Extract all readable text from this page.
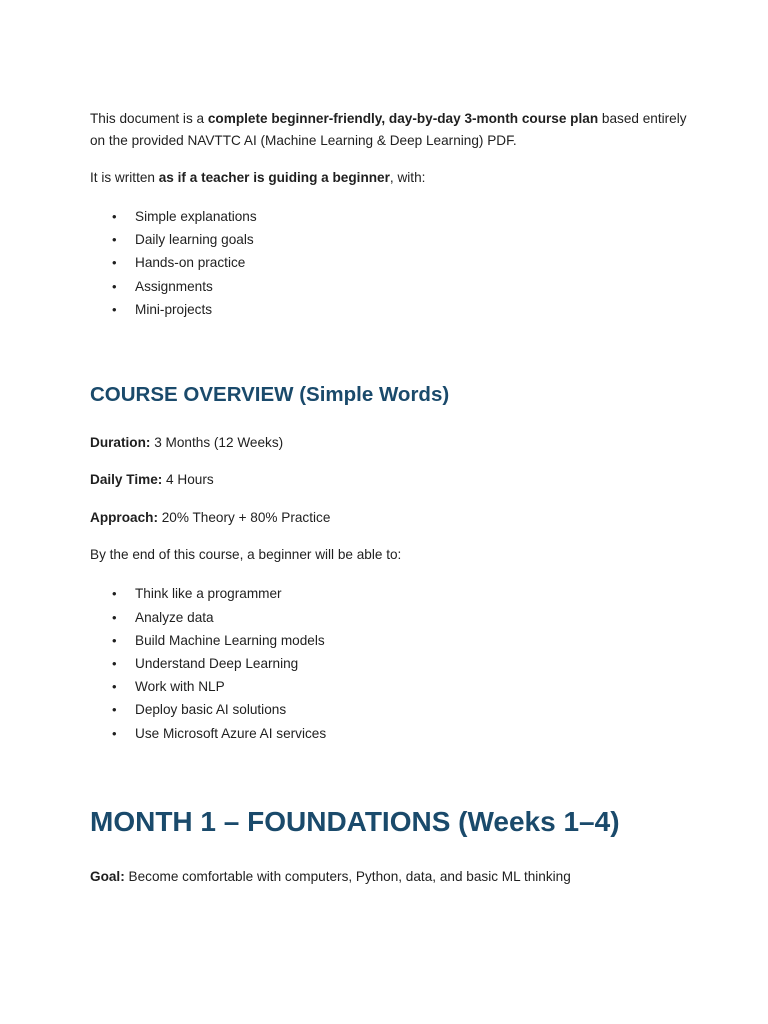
This document is a complete beginner-friendly, day-by-day 3-month course plan based entirely on the provided NAVTTC AI (Machine Learning & Deep Learning) PDF.

It is written as if a teacher is guiding a beginner, with:

• Simple explanations
• Daily learning goals
• Hands-on practice
• Assignments
• Mini-projects
COURSE OVERVIEW (Simple Words)

Duration: 3 Months (12 Weeks)

Daily Time: 4 Hours

Approach: 20% Theory + 80% Practice

By the end of this course, a beginner will be able to:

• Think like a programmer
• Analyze data
• Build Machine Learning models
• Understand Deep Learning
• Work with NLP
• Deploy basic AI solutions
• Use Microsoft Azure AI services
MONTH 1 – FOUNDATIONS (Weeks 1–4)

Goal: Become comfortable with computers, Python, data, and basic ML thinking
